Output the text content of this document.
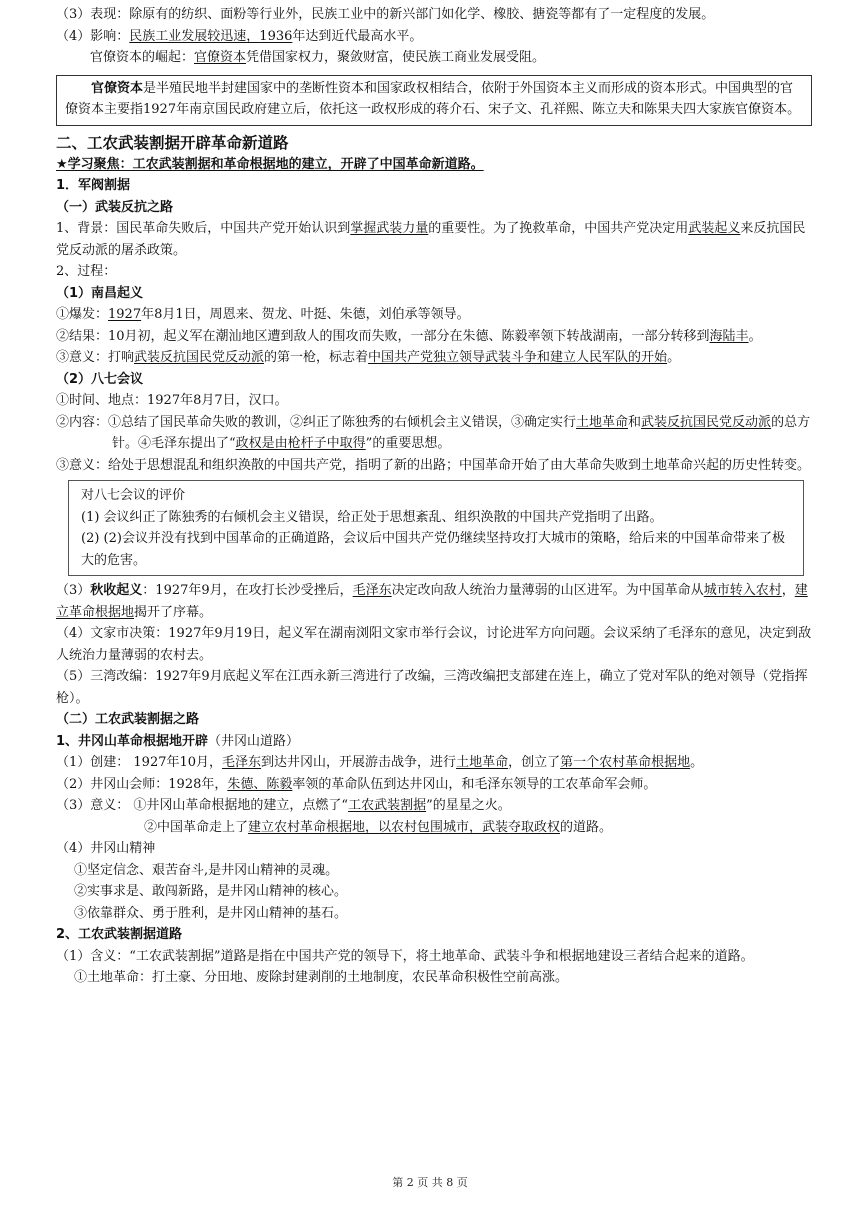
（3）表现：除原有的纺织、面粉等行业外，民族工业中的新兴部门如化学、橡胶、搪瓷等都有了一定程度的发展。

（4）影响：民族工业发展较迅速，1936年达到近代最高水平。

官僚资本的崛起：官僚资本凭借国家权力，聚敛财富，使民族工商业发展受阻。

官僚资本是半殖民地半封建国家中的垄断性资本和国家政权相结合，依附于外国资本主义而形成的资本形式。中国典型的官僚资本主要指1927年南京国民政府建立后，依托这一政权形成的蒋介石、宋子文、孔祥熙、陈立夫和陈果夫四大家族官僚资本。

二、工农武装割据开辟革命新道路

★学习聚焦：工农武装割据和革命根据地的建立，开辟了中国革命新道路。

1．军阀割据

（一）武装反抗之路

1、背景：国民革命失败后，中国共产党开始认识到掌握武装力量的重要性。为了挽救革命，中国共产党决定用武装起义来反抗国民党反动派的屠杀政策。

2、过程：

（1）南昌起义

①爆发：1927年8月1日，周恩来、贺龙、叶挺、朱德，刘伯承等领导。

②结果：10月初，起义军在潮汕地区遭到敌人的围攻而失败，一部分在朱德、陈毅率领下转战湖南，一部分转移到海陆丰。

③意义：打响武装反抗国民党反动派的第一枪，标志着中国共产党独立领导武装斗争和建立人民军队的开始。

（2）八七会议

①时间、地点：1927年8月7日，汉口。

②内容：①总结了国民革命失败的教训，②纠正了陈独秀的右倾机会主义错误，③确定实行土地革命和武装反抗国民党反动派的总方针。④毛泽东提出了“政权是由枪杆子中取得”的重要思想。

③意义：给处于思想混乱和组织涣散的中国共产党，指明了新的出路；中国革命开始了由大革命失败到土地革命兴起的历史性转变。

对八七会议的评价

(1) 会议纠正了陈独秀的右倾机会主义错误，给正处于思想紊乱、组织涣散的中国共产党指明了出路。

(2) (2)会议并没有找到中国革命的正确道路，会议后中国共产党仍继续坚持攻打大城市的策略，给后来的中国革命带来了极大的危害。

（3）秋收起义：1927年9月，在攻打长沙受挫后，毛泽东决定改向敌人统治力量薄弱的山区进军。为中国革命从城市转入农村，建立革命根据地揭开了序幕。

（4）文家市决策：1927年9月19日，起义军在湖南浏阳文家市举行会议，讨论进军方向问题。会议采纳了毛泽东的意见，决定到敌人统治力量薄弱的农村去。

（5）三湾改编：1927年9月底起义军在江西永新三湾进行了改编，三湾改编把支部建在连上，确立了党对军队的绝对领导（党指挥枪）。

（二）工农武装割据之路

1、井冈山革命根据地开辟（井冈山道路）

（1）创建： 1927年10月，毛泽东到达井冈山，开展游击战争，进行土地革命，创立了第一个农村革命根据地。

（2）井冈山会师：1928年，朱德、陈毅率领的革命队伍到达井冈山，和毛泽东领导的工农革命军会师。

（3）意义： ①井冈山革命根据地的建立，点燃了“工农武装割据”的星星之火。

②中国革命走上了建立农村革命根据地，以农村包围城市，武装夺取政权的道路。

（4）井冈山精神

①坚定信念、艰苦奋斗,是井冈山精神的灵魂。

②实事求是、敢闯新路，是井冈山精神的核心。

③依靠群众、勇于胜利，是井冈山精神的基石。

2、工农武装割据道路

（1）含义：“工农武装割据”道路是指在中国共产党的领导下，将土地革命、武装斗争和根据地建设三者结合起来的道路。

①土地革命：打土豪、分田地、废除封建剥削的土地制度，农民革命积极性空前高涨。

第 2 页 共 8 页
